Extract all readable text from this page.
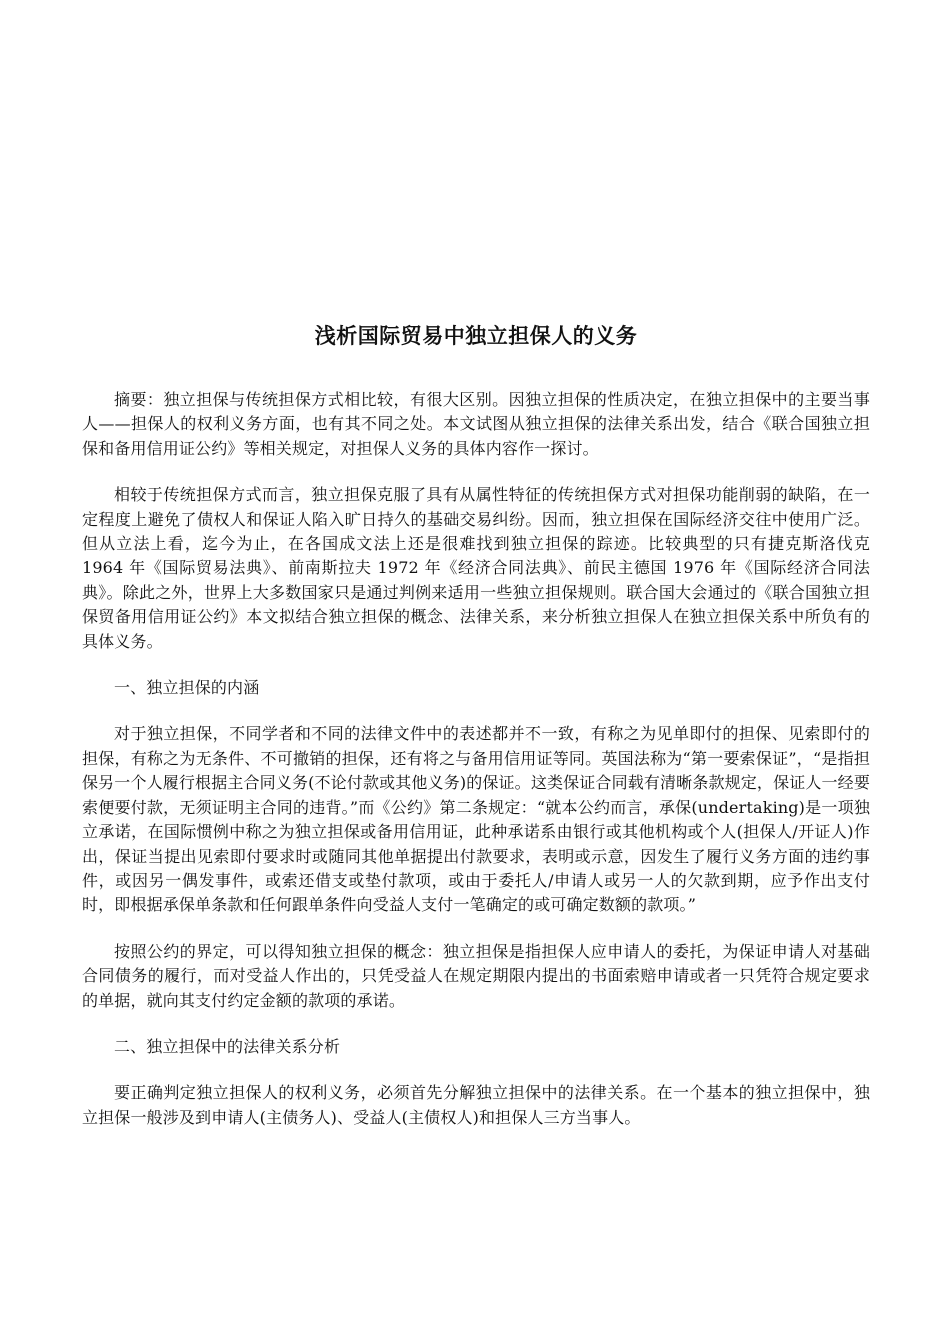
浅析国际贸易中独立担保人的义务

摘要：独立担保与传统担保方式相比较，有很大区别。因独立担保的性质决定，在独立担保中的主要当事人——担保人的权利义务方面，也有其不同之处。本文试图从独立担保的法律关系出发，结合《联合国独立担保和备用信用证公约》等相关规定，对担保人义务的具体内容作一探讨。

相较于传统担保方式而言，独立担保克服了具有从属性特征的传统担保方式对担保功能削弱的缺陷，在一定程度上避免了债权人和保证人陷入旷日持久的基础交易纠纷。因而，独立担保在国际经济交往中使用广泛。但从立法上看，迄今为止，在各国成文法上还是很难找到独立担保的踪迹。比较典型的只有捷克斯洛伐克 1964 年《国际贸易法典》、前南斯拉夫 1972 年《经济合同法典》、前民主德国 1976 年《国际经济合同法典》。除此之外，世界上大多数国家只是通过判例来适用一些独立担保规则。联合国大会通过的《联合国独立担保贸备用信用证公约》本文拟结合独立担保的概念、法律关系，来分析独立担保人在独立担保关系中所负有的具体义务。

一、独立担保的内涵

对于独立担保，不同学者和不同的法律文件中的表述都并不一致，有称之为见单即付的担保、见索即付的担保，有称之为无条件、不可撤销的担保，还有将之与备用信用证等同。英国法称为“第一要索保证”，“是指担保另一个人履行根据主合同义务(不论付款或其他义务)的保证。这类保证合同载有清晰条款规定，保证人一经要索便要付款，无须证明主合同的违背。”而《公约》第二条规定：“就本公约而言，承保(undertaking)是一项独立承诺，在国际惯例中称之为独立担保或备用信用证，此种承诺系由银行或其他机构或个人(担保人/开证人)作出，保证当提出见索即付要求时或随同其他单据提出付款要求，表明或示意，因发生了履行义务方面的违约事件，或因另一偶发事件，或索还借支或垫付款项，或由于委托人/申请人或另一人的欠款到期，应予作出支付时，即根据承保单条款和任何跟单条件向受益人支付一笔确定的或可确定数额的款项。”

按照公约的界定，可以得知独立担保的概念：独立担保是指担保人应申请人的委托，为保证申请人对基础合同债务的履行，而对受益人作出的，只凭受益人在规定期限内提出的书面索赔申请或者一只凭符合规定要求的单据，就向其支付约定金额的款项的承诺。

二、独立担保中的法律关系分析

要正确判定独立担保人的权利义务，必须首先分解独立担保中的法律关系。在一个基本的独立担保中，独立担保一般涉及到申请人(主债务人)、受益人(主债权人)和担保人三方当事人。
